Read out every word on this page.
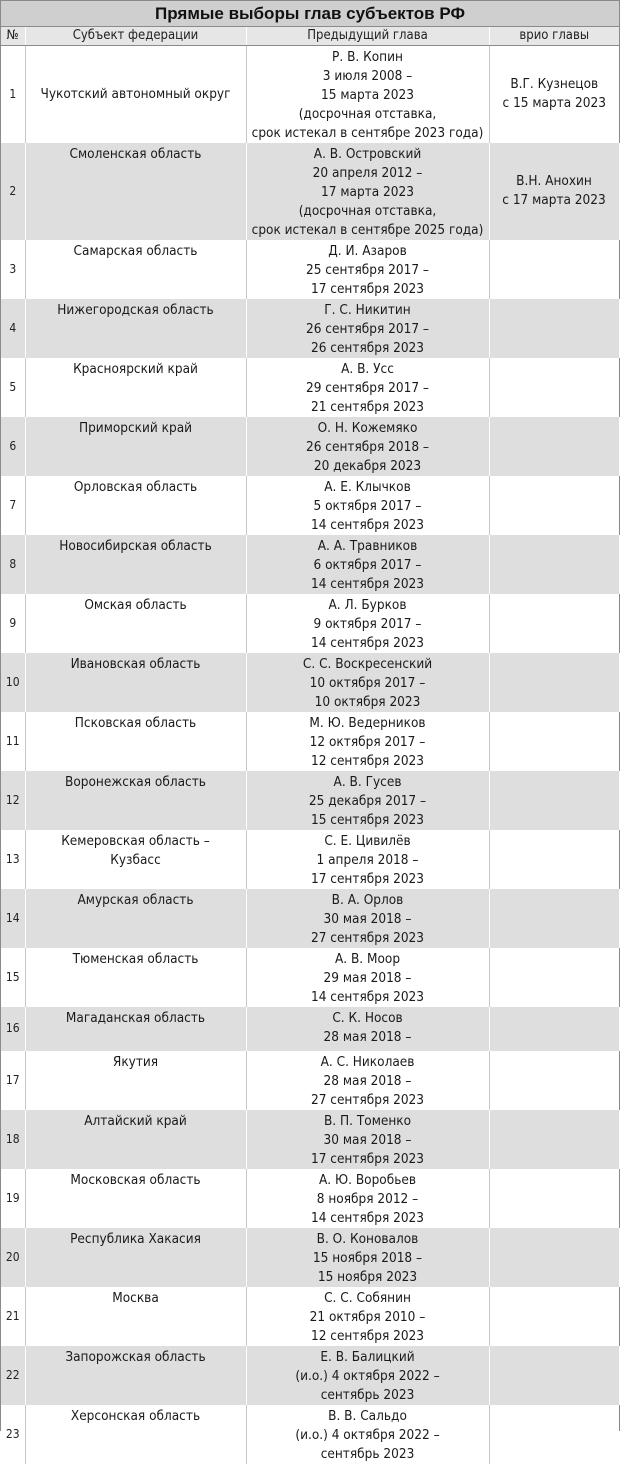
Прямые выборы глав субъектов РФ
№	Субъект федерации	Предыдущий глава	врио главы
1	Чукотский автономный округ	Р. В. Копин
3 июля 2008 –
15 марта 2023
(досрочная отставка,
срок истекал в сентябре 2023 года)	В.Г. Кузнецов
с 15 марта 2023
2	Смоленская область	А. В. Островский
20 апреля 2012 –
17 марта 2023
(досрочная отставка,
срок истекал в сентябре 2025 года)	В.Н. Анохин
с 17 марта 2023
3	Самарская область	Д. И. Азаров
25 сентября 2017 –
17 сентября 2023	
4	Нижегородская область	Г. С. Никитин
26 сентября 2017 –
26 сентября 2023	
5	Красноярский край	А. В. Усс
29 сентября 2017 –
21 сентября 2023	
6	Приморский край	О. Н. Кожемяко
26 сентября 2018 –
20 декабря 2023	
7	Орловская область	А. Е. Клычков
5 октября 2017 –
14 сентября 2023	
8	Новосибирская область	А. А. Травников
6 октября 2017 –
14 сентября 2023	
9	Омская область	А. Л. Бурков
9 октября 2017 –
14 сентября 2023	
10	Ивановская область	С. С. Воскресенский
10 октября 2017 –
10 октября 2023	
11	Псковская область	М. Ю. Ведерников
12 октября 2017 –
12 сентября 2023	
12	Воронежская область	А. В. Гусев
25 декабря 2017 –
15 сентября 2023	
13	Кемеровская область –
Кузбасс	С. Е. Цивилёв
1 апреля 2018 –
17 сентября 2023	
14	Амурская область	В. А. Орлов
30 мая 2018 –
27 сентября 2023	
15	Тюменская область	А. В. Моор
29 мая 2018 –
14 сентября 2023	
16	Магаданская область	С. К. Носов
28 мая 2018 –	
17	Якутия	А. С. Николаев
28 мая 2018 –
27 сентября 2023	
18	Алтайский край	В. П. Томенко
30 мая 2018 –
17 сентября 2023	
19	Московская область	А. Ю. Воробьев
8 ноября 2012 –
14 сентября 2023	
20	Республика Хакасия	В. О. Коновалов
15 ноября 2018 –
15 ноября 2023	
21	Москва	С. С. Собянин
21 октября 2010 –
12 сентября 2023	
22	Запорожская область	Е. В. Балицкий
(и.о.) 4 октября 2022 –
сентябрь 2023	
23	Херсонская область	В. В. Сальдо
(и.о.) 4 октября 2022 –
сентябрь 2023	
